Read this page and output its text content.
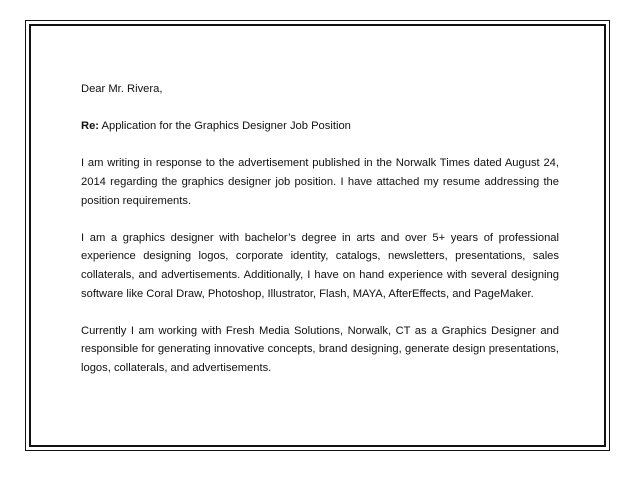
Dear Mr. Rivera,

Re: Application for the Graphics Designer Job Position

I am writing in response to the advertisement published in the Norwalk Times dated August 24, 2014 regarding the graphics designer job position. I have attached my resume addressing the position requirements.

I am a graphics designer with bachelor’s degree in arts and over 5+ years of professional experience designing logos, corporate identity, catalogs, newsletters, presentations, sales collaterals, and advertisements. Additionally, I have on hand experience with several designing software like Coral Draw, Photoshop, Illustrator, Flash, MAYA, AfterEffects, and PageMaker.

Currently I am working with Fresh Media Solutions, Norwalk, CT as a Graphics Designer and responsible for generating innovative concepts, brand designing, generate design presentations, logos, collaterals, and advertisements.
